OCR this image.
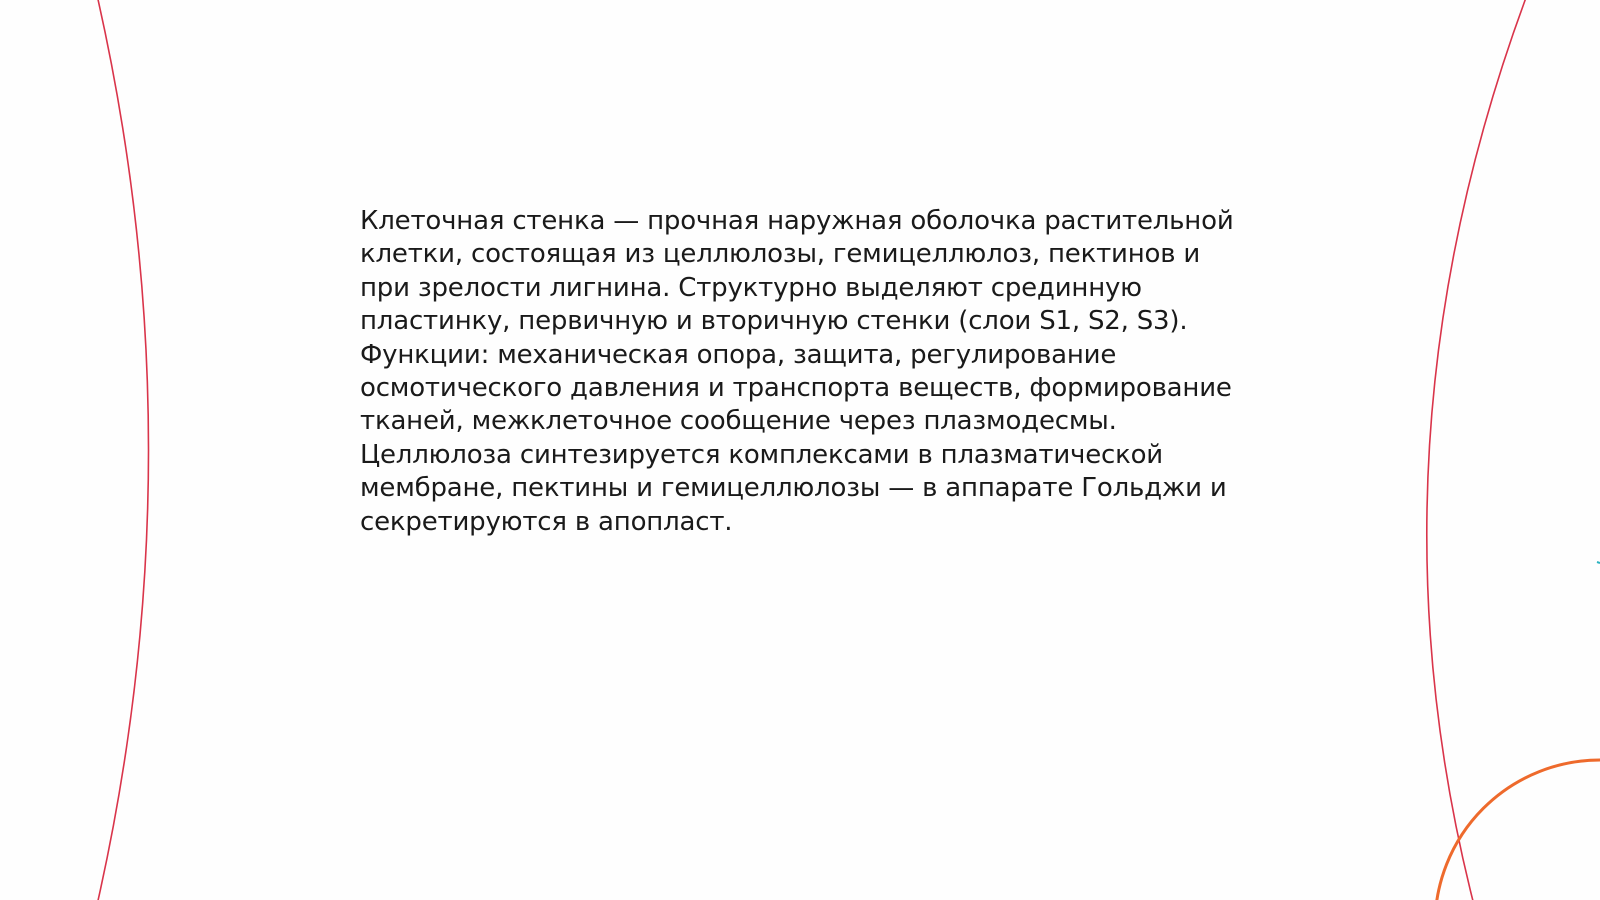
Клеточная стенка — прочная наружная оболочка растительной
клетки, состоящая из целлюлозы, гемицеллюлоз, пектинов и
при зрелости лигнина. Структурно выделяют срединную
пластинку, первичную и вторичную стенки (слои S1, S2, S3).
Функции: механическая опора, защита, регулирование
осмотического давления и транспорта веществ, формирование
тканей, межклеточное сообщение через плазмодесмы.
Целлюлоза синтезируется комплексами в плазматической
мембране, пектины и гемицеллюлозы — в аппарате Гольджи и
секретируются в апопласт.
